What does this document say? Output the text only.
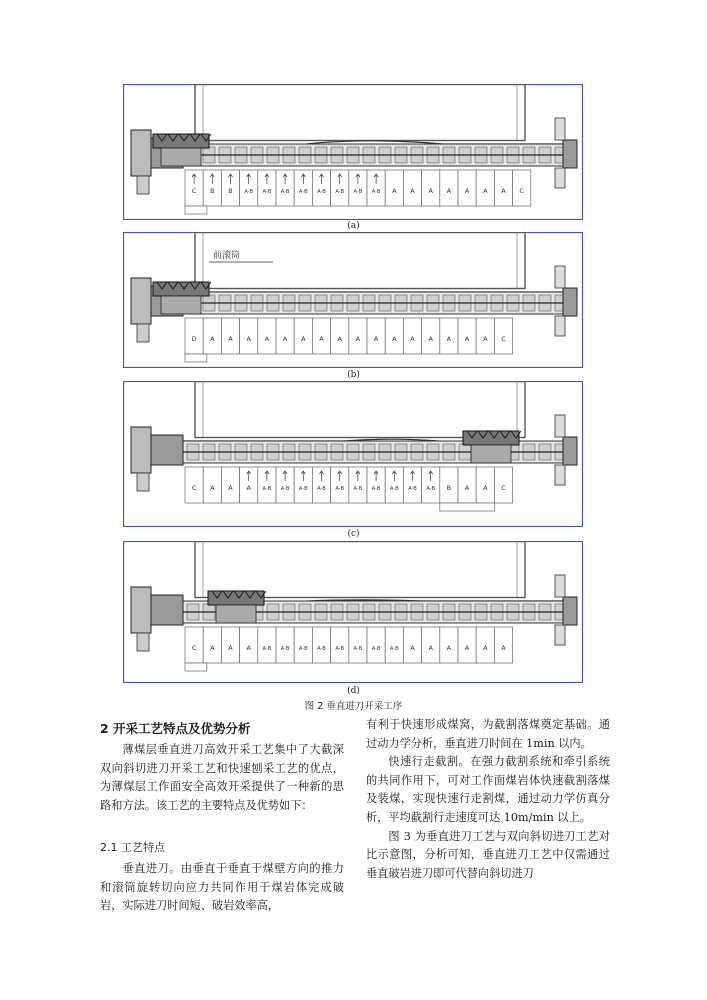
C B B A·B A·B A·B A·B A·B A·B A·B A·B A A A A A A A C
(a)
前滚筒
D A A A A A A A A A A A A A A A A C
(b)
C A A A A·B A·B A·B A·B A·B A·B A·B A·B A·B A·B B A A C
(c)
C A A A A·B A·B A·B A·B A·B A·B A·B A·B A A A A A A
(d)
图 2 垂直进刀开采工序
2 开采工艺特点及优势分析

薄煤层垂直进刀高效开采工艺集中了大截深双向斜切进刀开采工艺和快速刨采工艺的优点，为薄煤层工作面安全高效开采提供了一种新的思路和方法。该工艺的主要特点及优势如下：

2.1 工艺特点

垂直进刀。由垂直于垂直于煤壁方向的推力和滚筒旋转切向应力共同作用于煤岩体完成破岩，实际进刀时间短、破岩效率高，

有利于快速形成煤窝，为截割落煤奠定基础。通过动力学分析，垂直进刀时间在 1min 以内。

快速行走截割。在强力截割系统和牵引系统的共同作用下，可对工作面煤岩体快速截割落煤及装煤，实现快速行走割煤，通过动力学仿真分析，平均截割行走速度可达 10m/min 以上。

图 3 为垂直进刀工艺与双向斜切进刀工艺对比示意图，分析可知，垂直进刀工艺中仅需通过垂直破岩进刀即可代替向斜切进刀
